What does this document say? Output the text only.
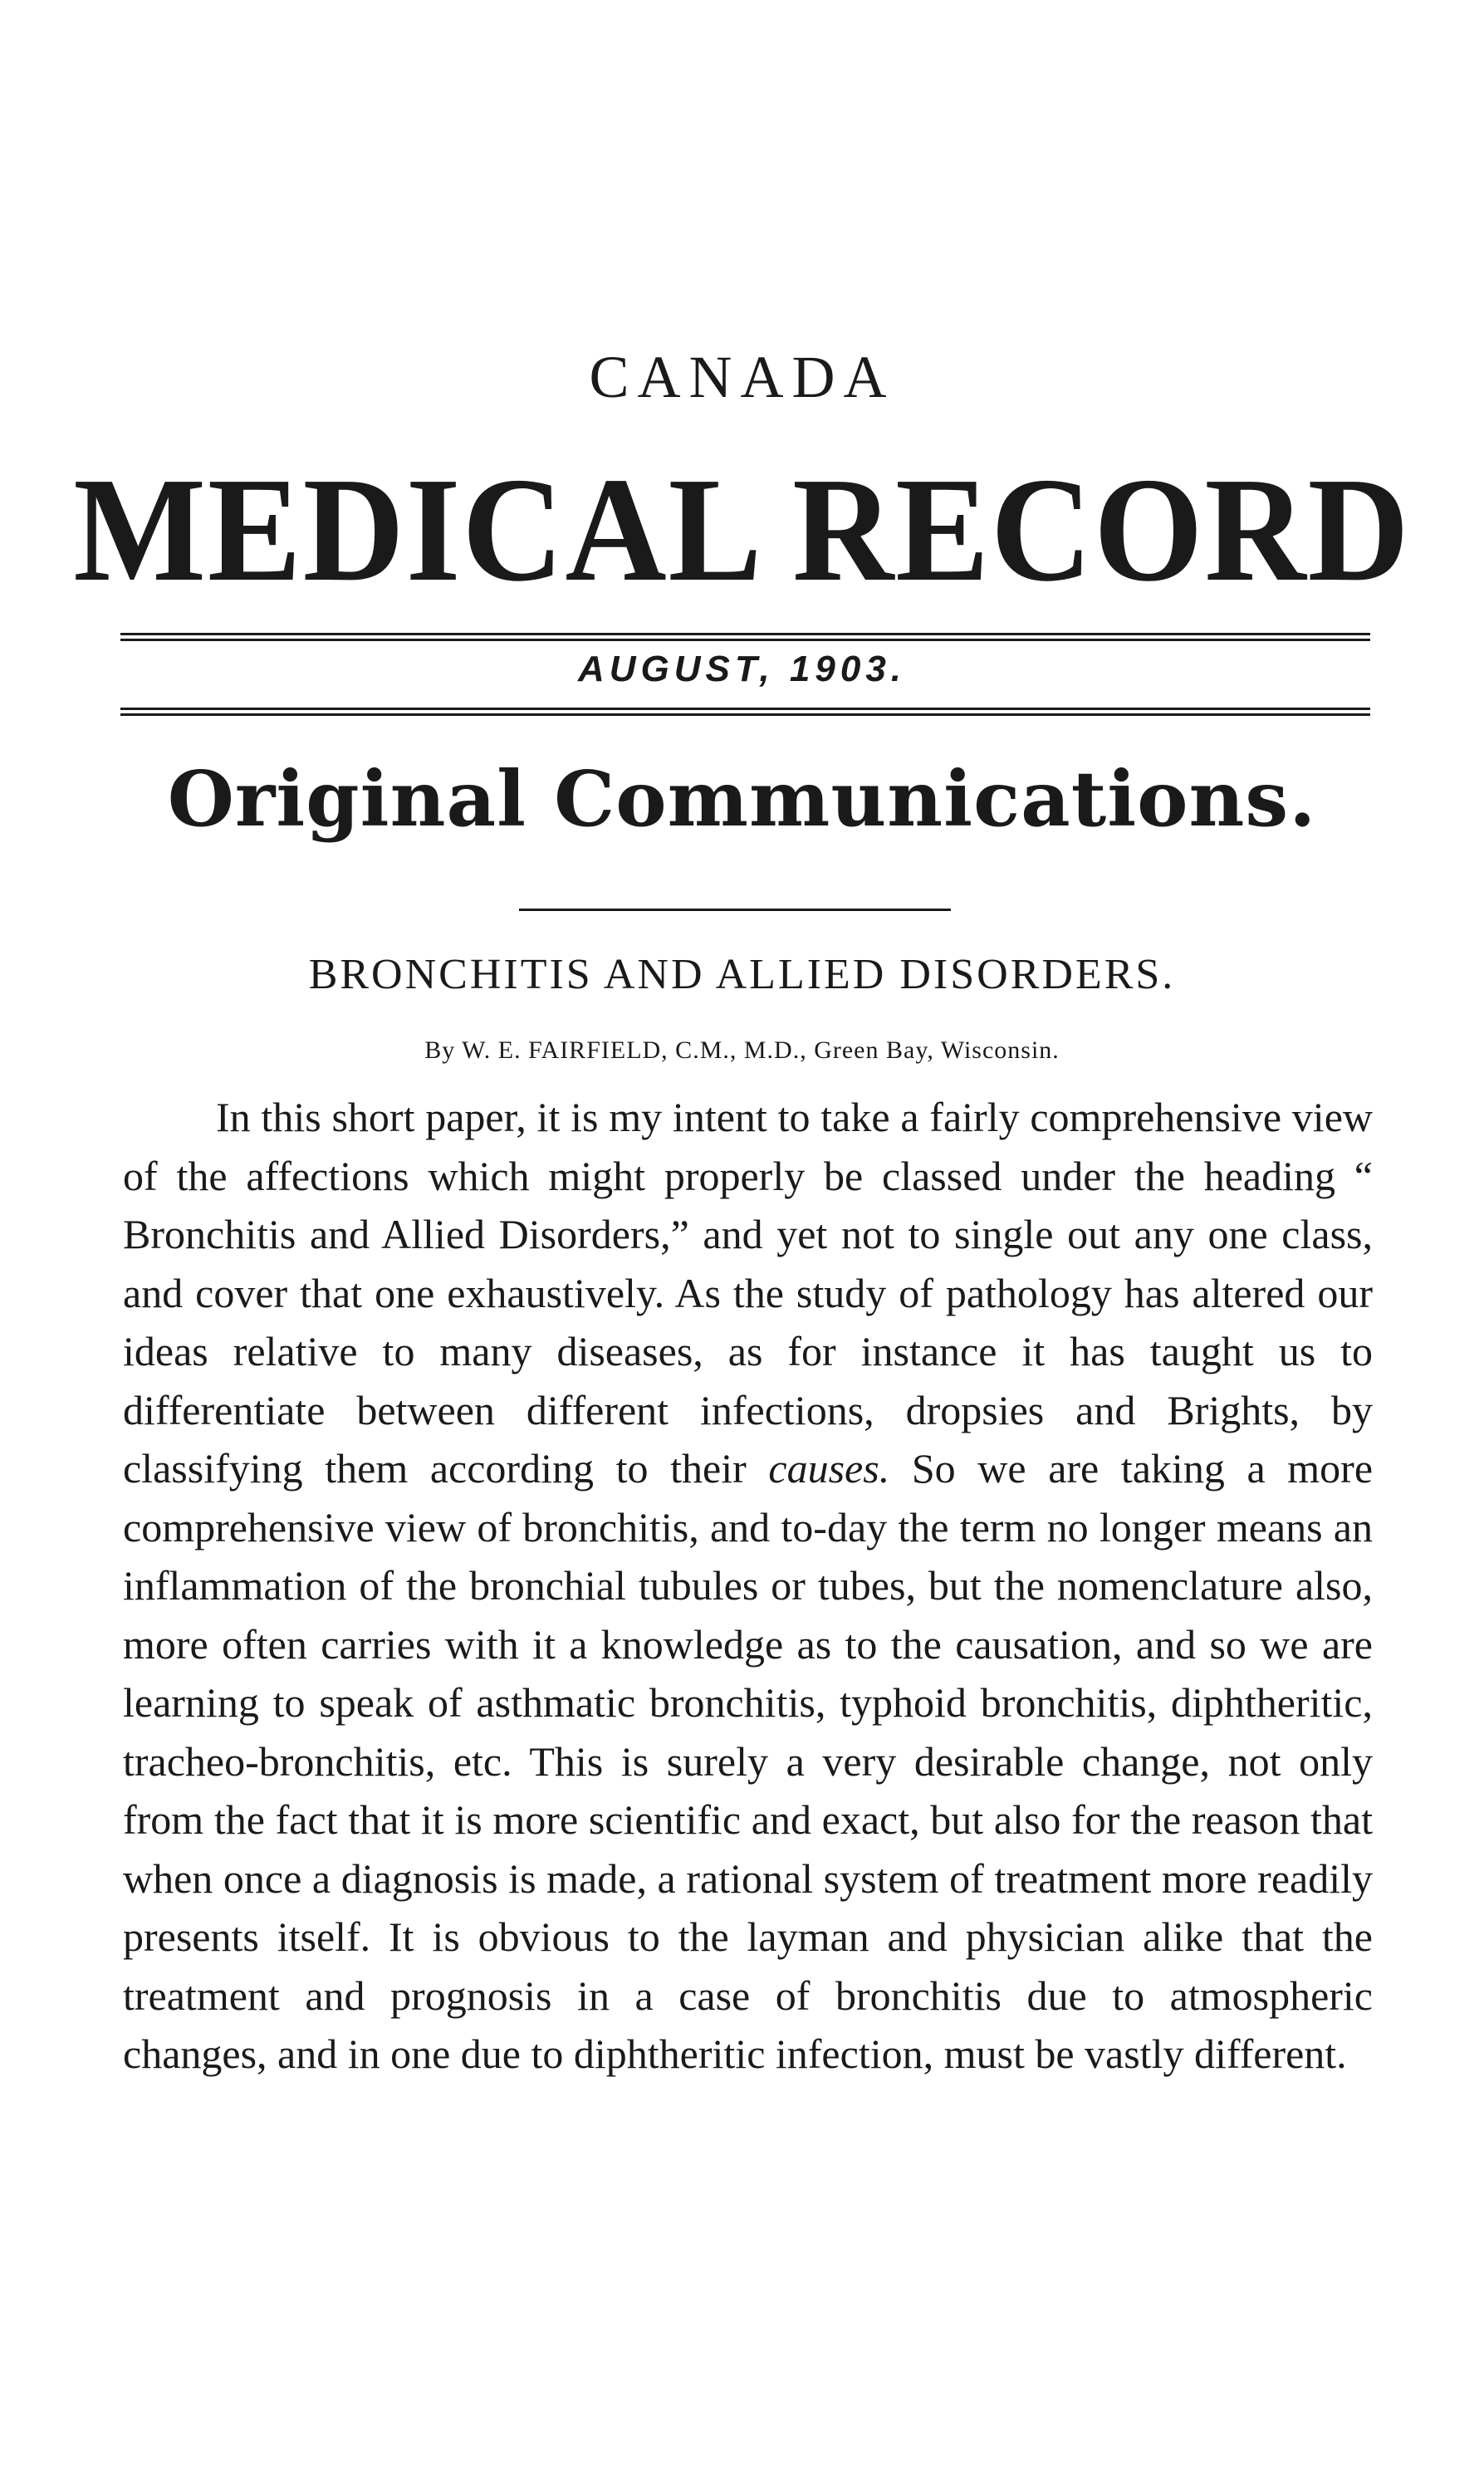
CANADA
MEDICAL RECORD
AUGUST, 1903.
Original Communications.
BRONCHITIS AND ALLIED DISORDERS.
By W. E. FAIRFIELD, C.M., M.D., Green Bay, Wisconsin.

In this short paper, it is my intent to take a fairly comprehensive view of the affections which might properly be classed under the heading “ Bronchitis and Allied Disorders,” and yet not to single out any one class, and cover that one exhaustively. As the study of pathology has altered our ideas relative to many diseases, as for instance it has taught us to differentiate between different infections, dropsies and Brights, by classifying them according to their causes. So we are taking a more comprehensive view of bronchitis, and to-day the term no longer means an inflammation of the bronchial tubules or tubes, but the nomenclature also, more often carries with it a knowledge as to the causation, and so we are learning to speak of asthmatic bronchitis, typhoid bronchitis, diphtheritic, tracheo-bronchitis, etc. This is surely a very desirable change, not only from the fact that it is more scientific and exact, but also for the reason that when once a diagnosis is made, a rational system of treatment more readily presents itself. It is obvious to the layman and physician alike that the treatment and prognosis in a case of bronchitis due to atmospheric changes, and in one due to diphtheritic infection, must be vastly different.
